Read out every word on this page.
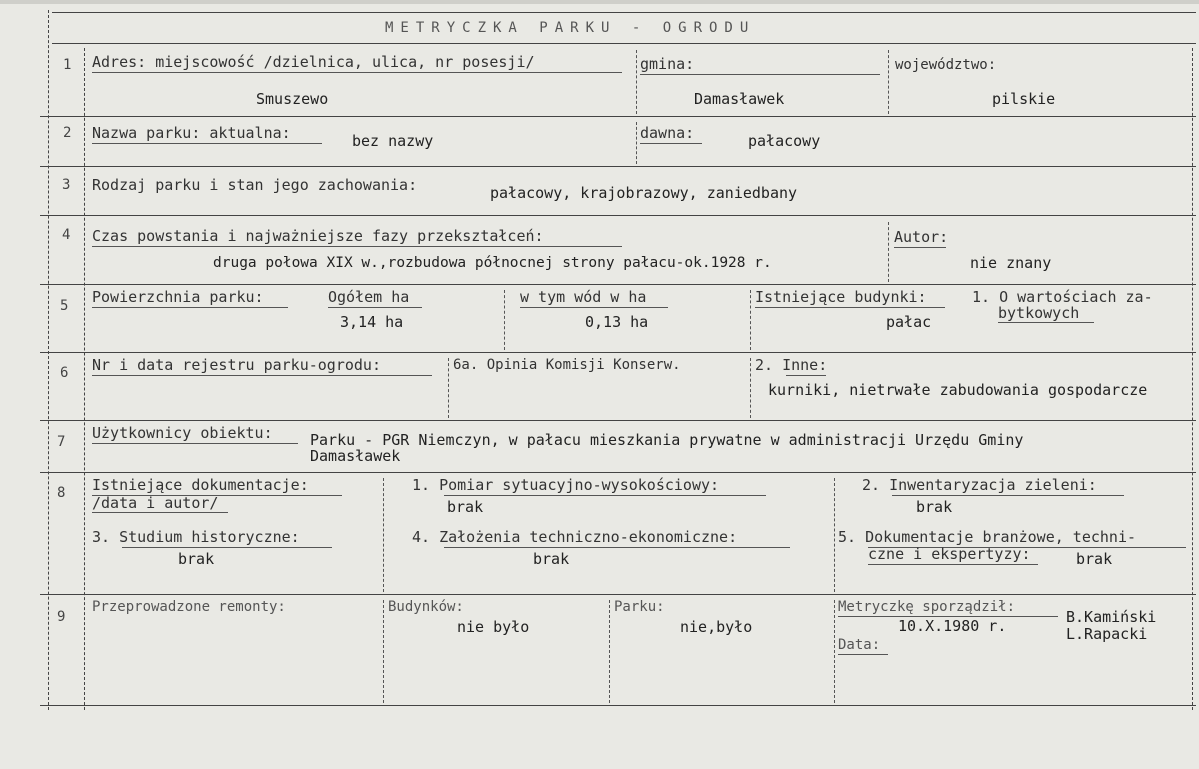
METRYCZKA PARKU - OGRODU
1 Adres: miejscowość /dzielnica, ulica, nr posesji/
Smuszewo
gmina:
Damasławek
województwo:
pilskie
2 Nazwa parku: aktualna:	bez nazwy	dawna:	pałacowy
3 Rodzaj parku i stan jego zachowania:	pałacowy, krajobrazowy, zaniedbany
4 Czas powstania i najważniejsze fazy przekształceń:
druga połowa XIX w.,rozbudowa północnej strony pałacu-ok.1928 r.
Autor:
nie znany
5 Powierzchnia parku:	Ogółem ha
3,14 ha
w tym wód w ha
0,13 ha
Istniejące budynki:	1. O wartościach za-
bytkowych
pałac
6 Nr i data rejestru parku-ogrodu:	6a. Opinia Komisji Konserw.	2. Inne:
kurniki, nietrwałe zabudowania gospodarcze
7 Użytkownicy obiektu: Parku - PGR Niemczyn, w pałacu mieszkania prywatne w administracji Urzędu Gminy
Damasławek
8 Istniejące dokumentacje:
/data i autor/
1. Pomiar sytuacyjno-wysokościowy:
brak
2. Inwentaryzacja zieleni:
brak
3. Studium historyczne:
brak
4. Założenia techniczno-ekonomiczne:
brak
5. Dokumentacje branżowe, techni-
czne i ekspertyzy:	brak
9
Przeprowadzone remonty:	Budynków:
nie było
Parku:
nie,było
Metryczkę sporządził:
10.X.1980 r.	B.Kamiński
L.Rapacki
Data:
